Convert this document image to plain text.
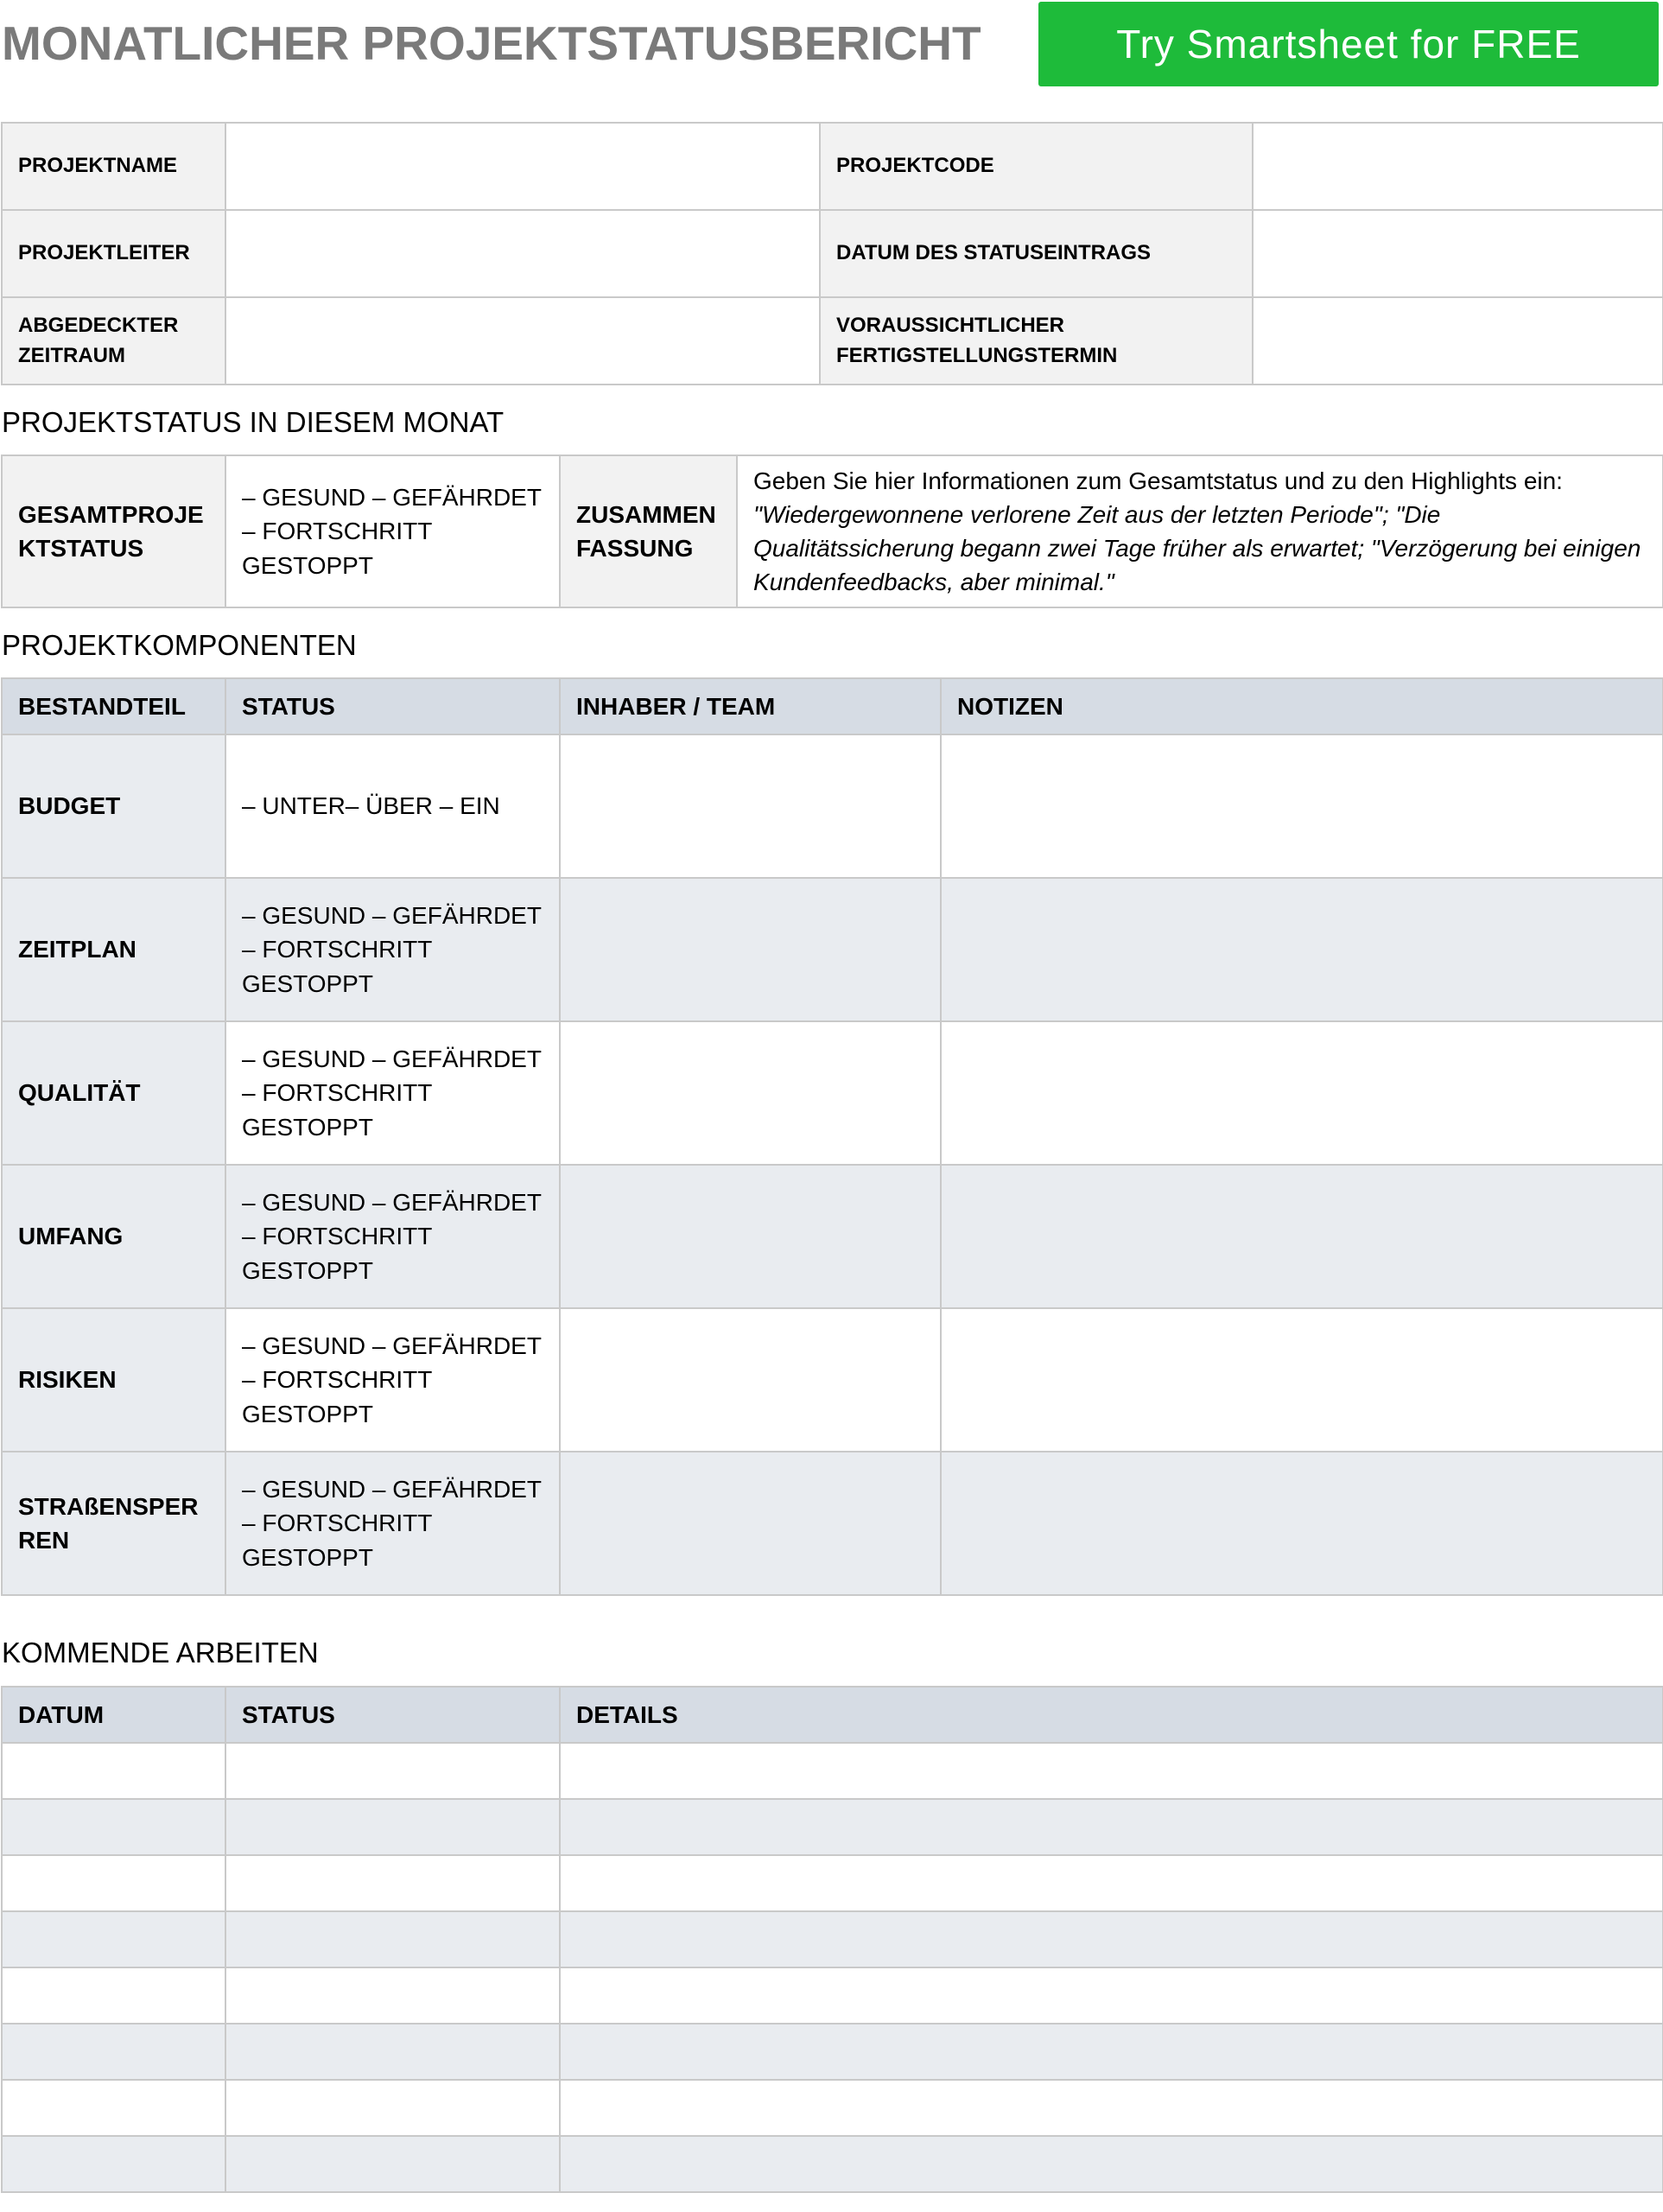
MONATLICHER PROJEKTSTATUSBERICHT	Try Smartsheet for FREE
PROJEKTNAME		PROJEKTCODE	
PROJEKTLEITER		DATUM DES STATUSEINTRAGS	
ABGEDECKTER ZEITRAUM		VORAUSSICHTLICHER FERTIGSTELLUNGSTERMIN	
PROJEKTSTATUS IN DIESEM MONAT
GESAMTPROJEKTSTATUS	– GESUND – GEFÄHRDET – FORTSCHRITT GESTOPPT	ZUSAMMENFASSUNG	Geben Sie hier Informationen zum Gesamtstatus und zu den Highlights ein: "Wiedergewonnene verlorene Zeit aus der letzten Periode"; "Die Qualitätssicherung begann zwei Tage früher als erwartet; "Verzögerung bei einigen Kundenfeedbacks, aber minimal."
PROJEKTKOMPONENTEN
BESTANDTEIL	STATUS	INHABER / TEAM	NOTIZEN
BUDGET	– UNTER– ÜBER – EIN		
ZEITPLAN	– GESUND – GEFÄHRDET – FORTSCHRITT GESTOPPT		
QUALITÄT	– GESUND – GEFÄHRDET – FORTSCHRITT GESTOPPT		
UMFANG	– GESUND – GEFÄHRDET – FORTSCHRITT GESTOPPT		
RISIKEN	– GESUND – GEFÄHRDET – FORTSCHRITT GESTOPPT		
STRAßENSPERREN	– GESUND – GEFÄHRDET – FORTSCHRITT GESTOPPT		
KOMMENDE ARBEITEN
DATUM	STATUS	DETAILS
